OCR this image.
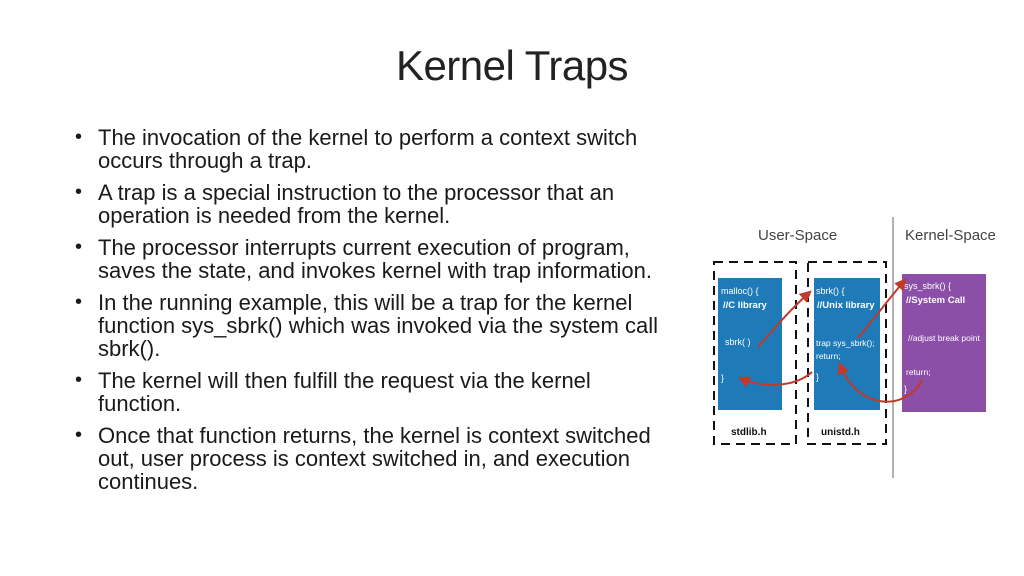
Kernel Traps
• The invocation of the kernel to perform a context switch occurs through a trap.
• A trap is a special instruction to the processor that an operation is needed from the kernel.
• The processor interrupts current execution of program, saves the state, and invokes kernel with trap information.
• In the running example, this will be a trap for the kernel function sys_sbrk() which was invoked via the system call sbrk().
• The kernel will then fulfill the request via the kernel function.
• Once that function returns, the kernel is context switched out, user process is context switched in, and execution continues.
User-Space	Kernel-Space
malloc() {
//C library
sbrk( )
}
stdlib.h
sbrk() {
//Unix library
trap sys_sbrk();
return;
}
unistd.h
sys_sbrk() {
//System Call
//adjust break point
return;
}
